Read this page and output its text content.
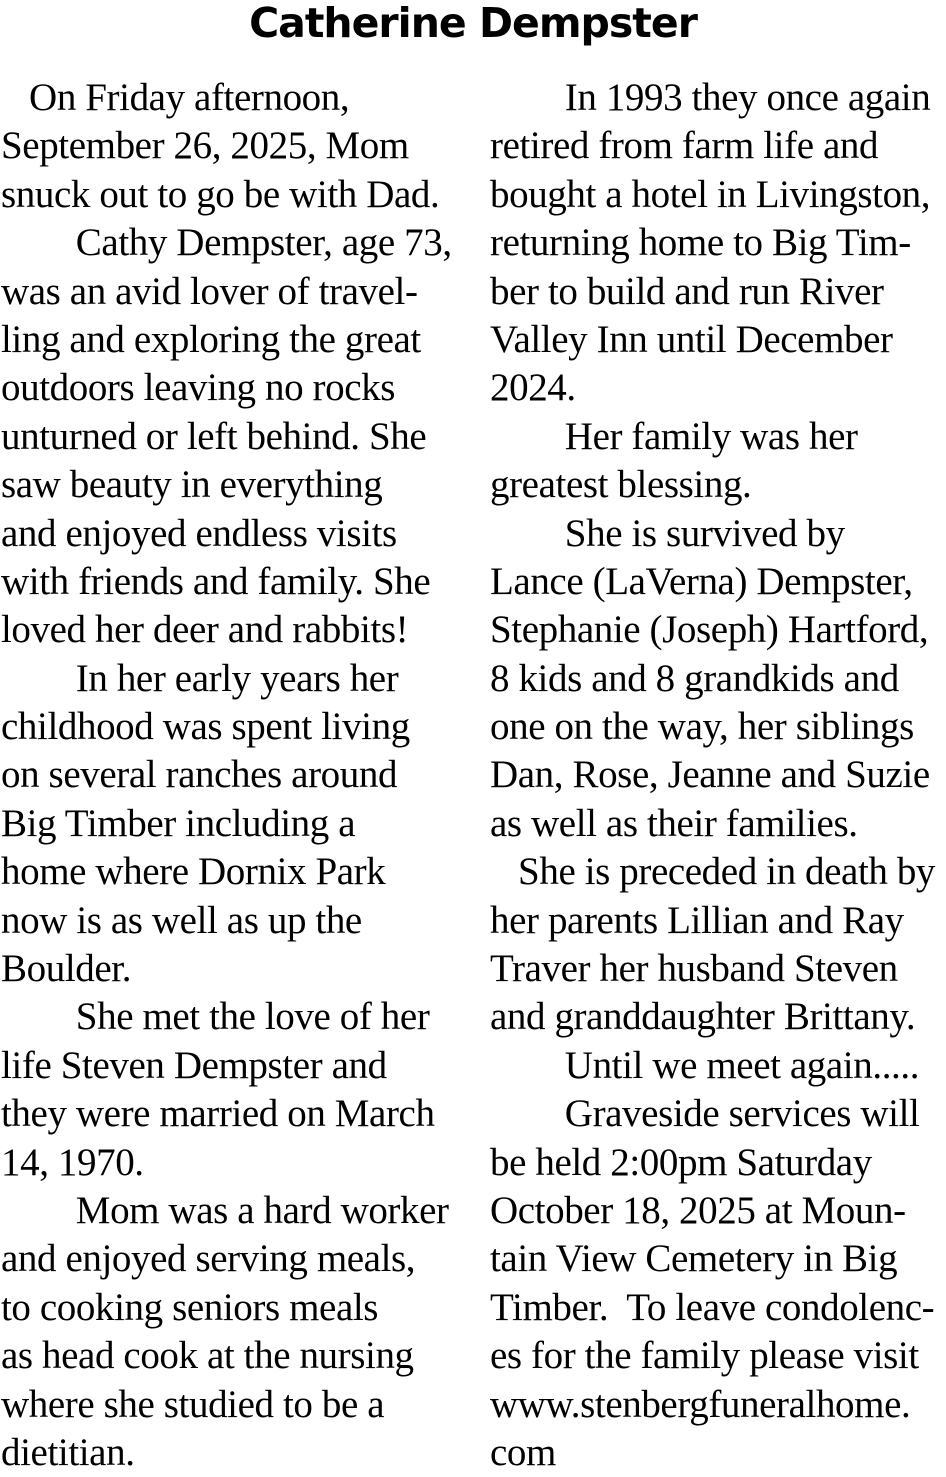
Catherine Dempster
On Friday afternoon,
September 26, 2025, Mom
snuck out to go be with Dad.
Cathy Dempster, age 73,
was an avid lover of travel-
ling and exploring the great
outdoors leaving no rocks
unturned or left behind. She
saw beauty in everything
and enjoyed endless visits
with friends and family. She
loved her deer and rabbits!
In her early years her
childhood was spent living
on several ranches around
Big Timber including a
home where Dornix Park
now is as well as up the
Boulder.
She met the love of her
life Steven Dempster and
they were married on March
14, 1970.
Mom was a hard worker
and enjoyed serving meals,
to cooking seniors meals
as head cook at the nursing
where she studied to be a
dietitian.
In 1993 they once again
retired from farm life and
bought a hotel in Livingston,
returning home to Big Tim-
ber to build and run River
Valley Inn until December
2024.
Her family was her
greatest blessing.
She is survived by
Lance (LaVerna) Dempster,
Stephanie (Joseph) Hartford,
8 kids and 8 grandkids and
one on the way, her siblings
Dan, Rose, Jeanne and Suzie
as well as their families.
She is preceded in death by
her parents Lillian and Ray
Traver her husband Steven
and granddaughter Brittany.
Until we meet again.....
Graveside services will
be held 2:00pm Saturday
October 18, 2025 at Moun-
tain View Cemetery in Big
Timber.  To leave condolenc-
es for the family please visit
www.stenbergfuneralhome.
com
